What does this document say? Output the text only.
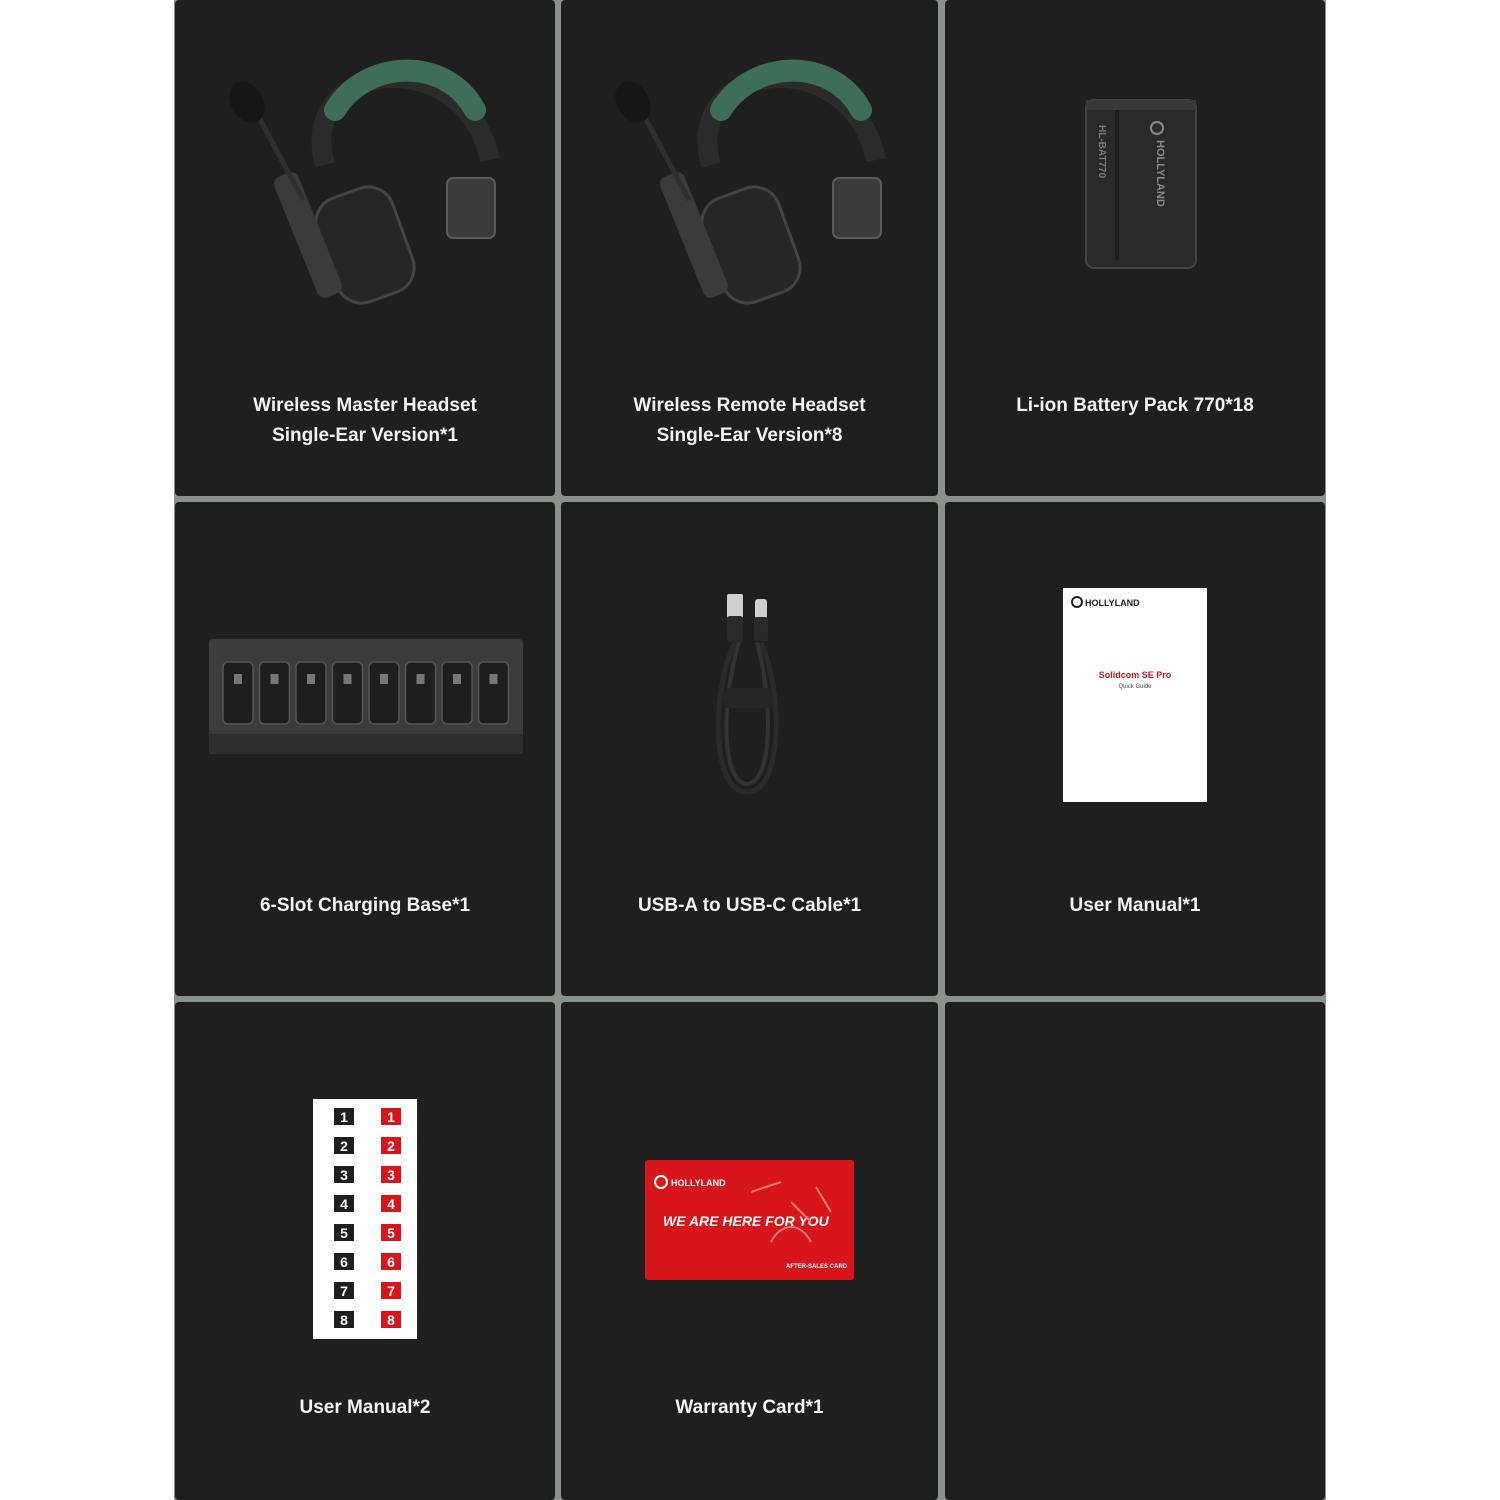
Wireless Master Headset
Single-Ear Version*1
Wireless Remote Headset
Single-Ear Version*8
HL-BAT770	HOLLYLAND
Li-ion Battery Pack 770*18
6-Slot Charging Base*1	USB-A to USB-C Cable*1
HOLLYLAND
Solidcom SE Pro
Quick Guide
User Manual*1
1	1
2	2
3	3
4	4
5	5
6	6
7	7
8	8
User Manual*2
HOLLYLAND
WE ARE HERE FOR YOU
AFTER-SALES CARD
Warranty Card*1
